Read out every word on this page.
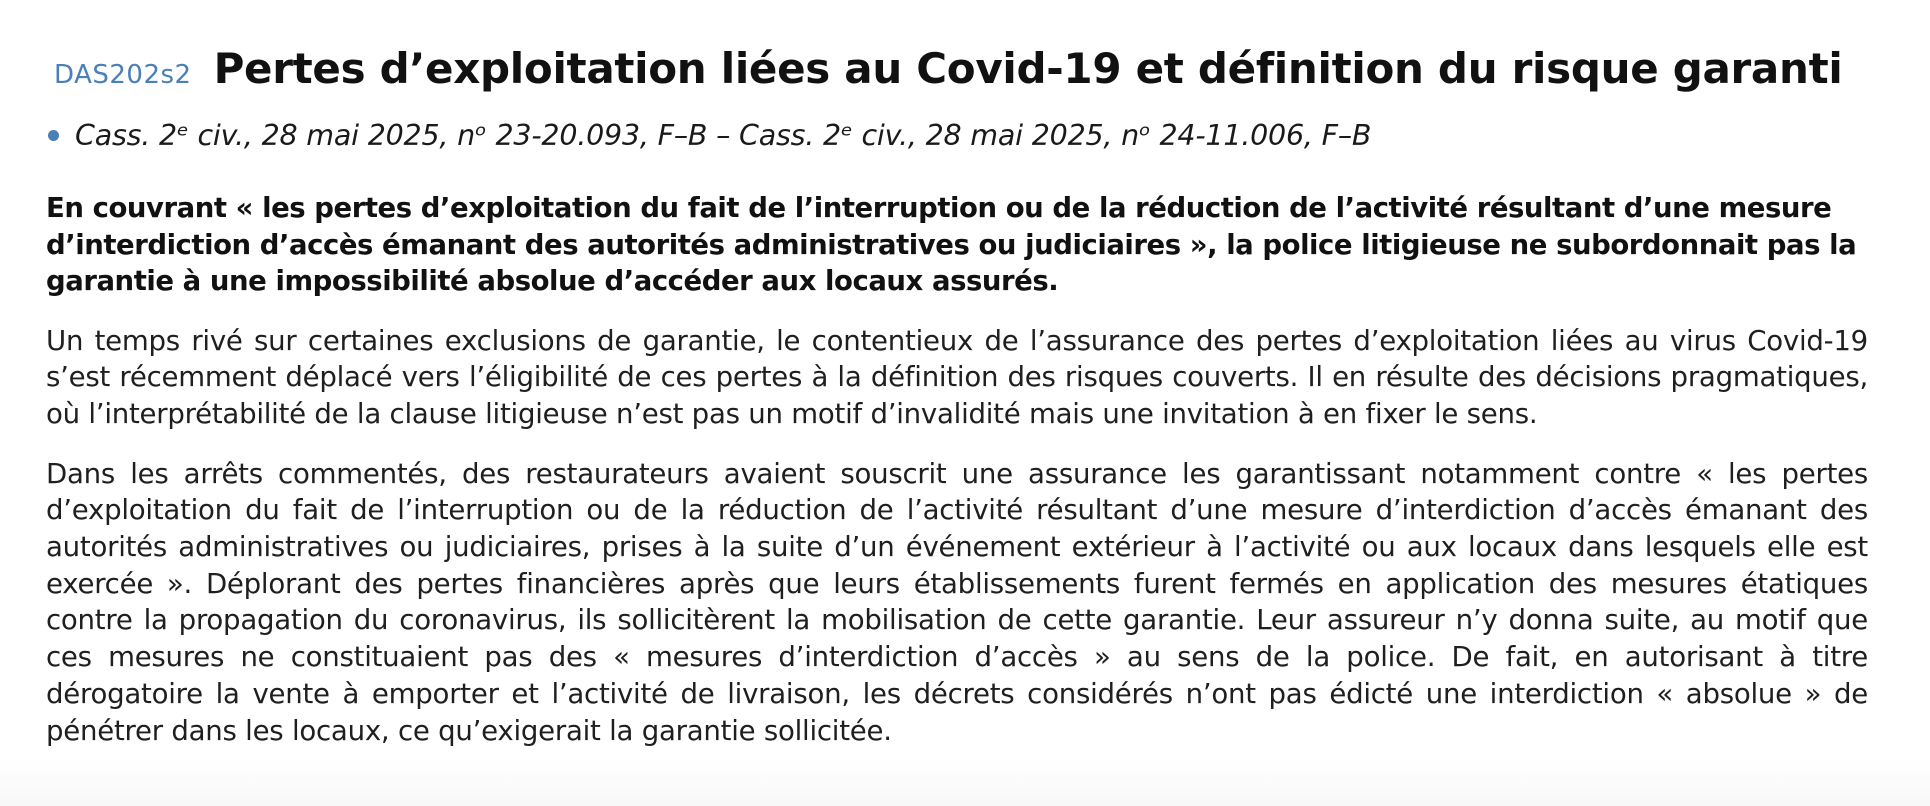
DAS202s2 Pertes d’exploitation liées au Covid-19 et définition du risque garanti
Cass. 2ᵉ civ., 28 mai 2025, nᵒ 23-20.093, F–B – Cass. 2ᵉ civ., 28 mai 2025, nᵒ 24-11.006, F–B

En couvrant « les pertes d’exploitation du fait de l’interruption ou de la réduction de l’activité résultant d’une mesure d’interdiction d’accès émanant des autorités administratives ou judiciaires », la police litigieuse ne subordonnait pas la garantie à une impossibilité absolue d’accéder aux locaux assurés.

Un temps rivé sur certaines exclusions de garantie, le contentieux de l’assurance des pertes d’exploitation liées au virus Covid-19 s’est récemment déplacé vers l’éligibilité de ces pertes à la définition des risques couverts. Il en résulte des décisions pragmatiques, où l’interprétabilité de la clause litigieuse n’est pas un motif d’invalidité mais une invitation à en fixer le sens.

Dans les arrêts commentés, des restaurateurs avaient souscrit une assurance les garantissant notamment contre « les pertes d’exploitation du fait de l’interruption ou de la réduction de l’activité résultant d’une mesure d’interdiction d’accès émanant des autorités administratives ou judiciaires, prises à la suite d’un événement extérieur à l’activité ou aux locaux dans lesquels elle est exercée ». Déplorant des pertes financières après que leurs établissements furent fermés en application des mesures étatiques contre la propagation du coronavirus, ils sollicitèrent la mobilisation de cette garantie. Leur assureur n’y donna suite, au motif que ces mesures ne constituaient pas des « mesures d’interdiction d’accès » au sens de la police. De fait, en autorisant à titre dérogatoire la vente à emporter et l’activité de livraison, les décrets considérés n’ont pas édicté une interdiction « absolue » de pénétrer dans les locaux, ce qu’exigerait la garantie sollicitée.
